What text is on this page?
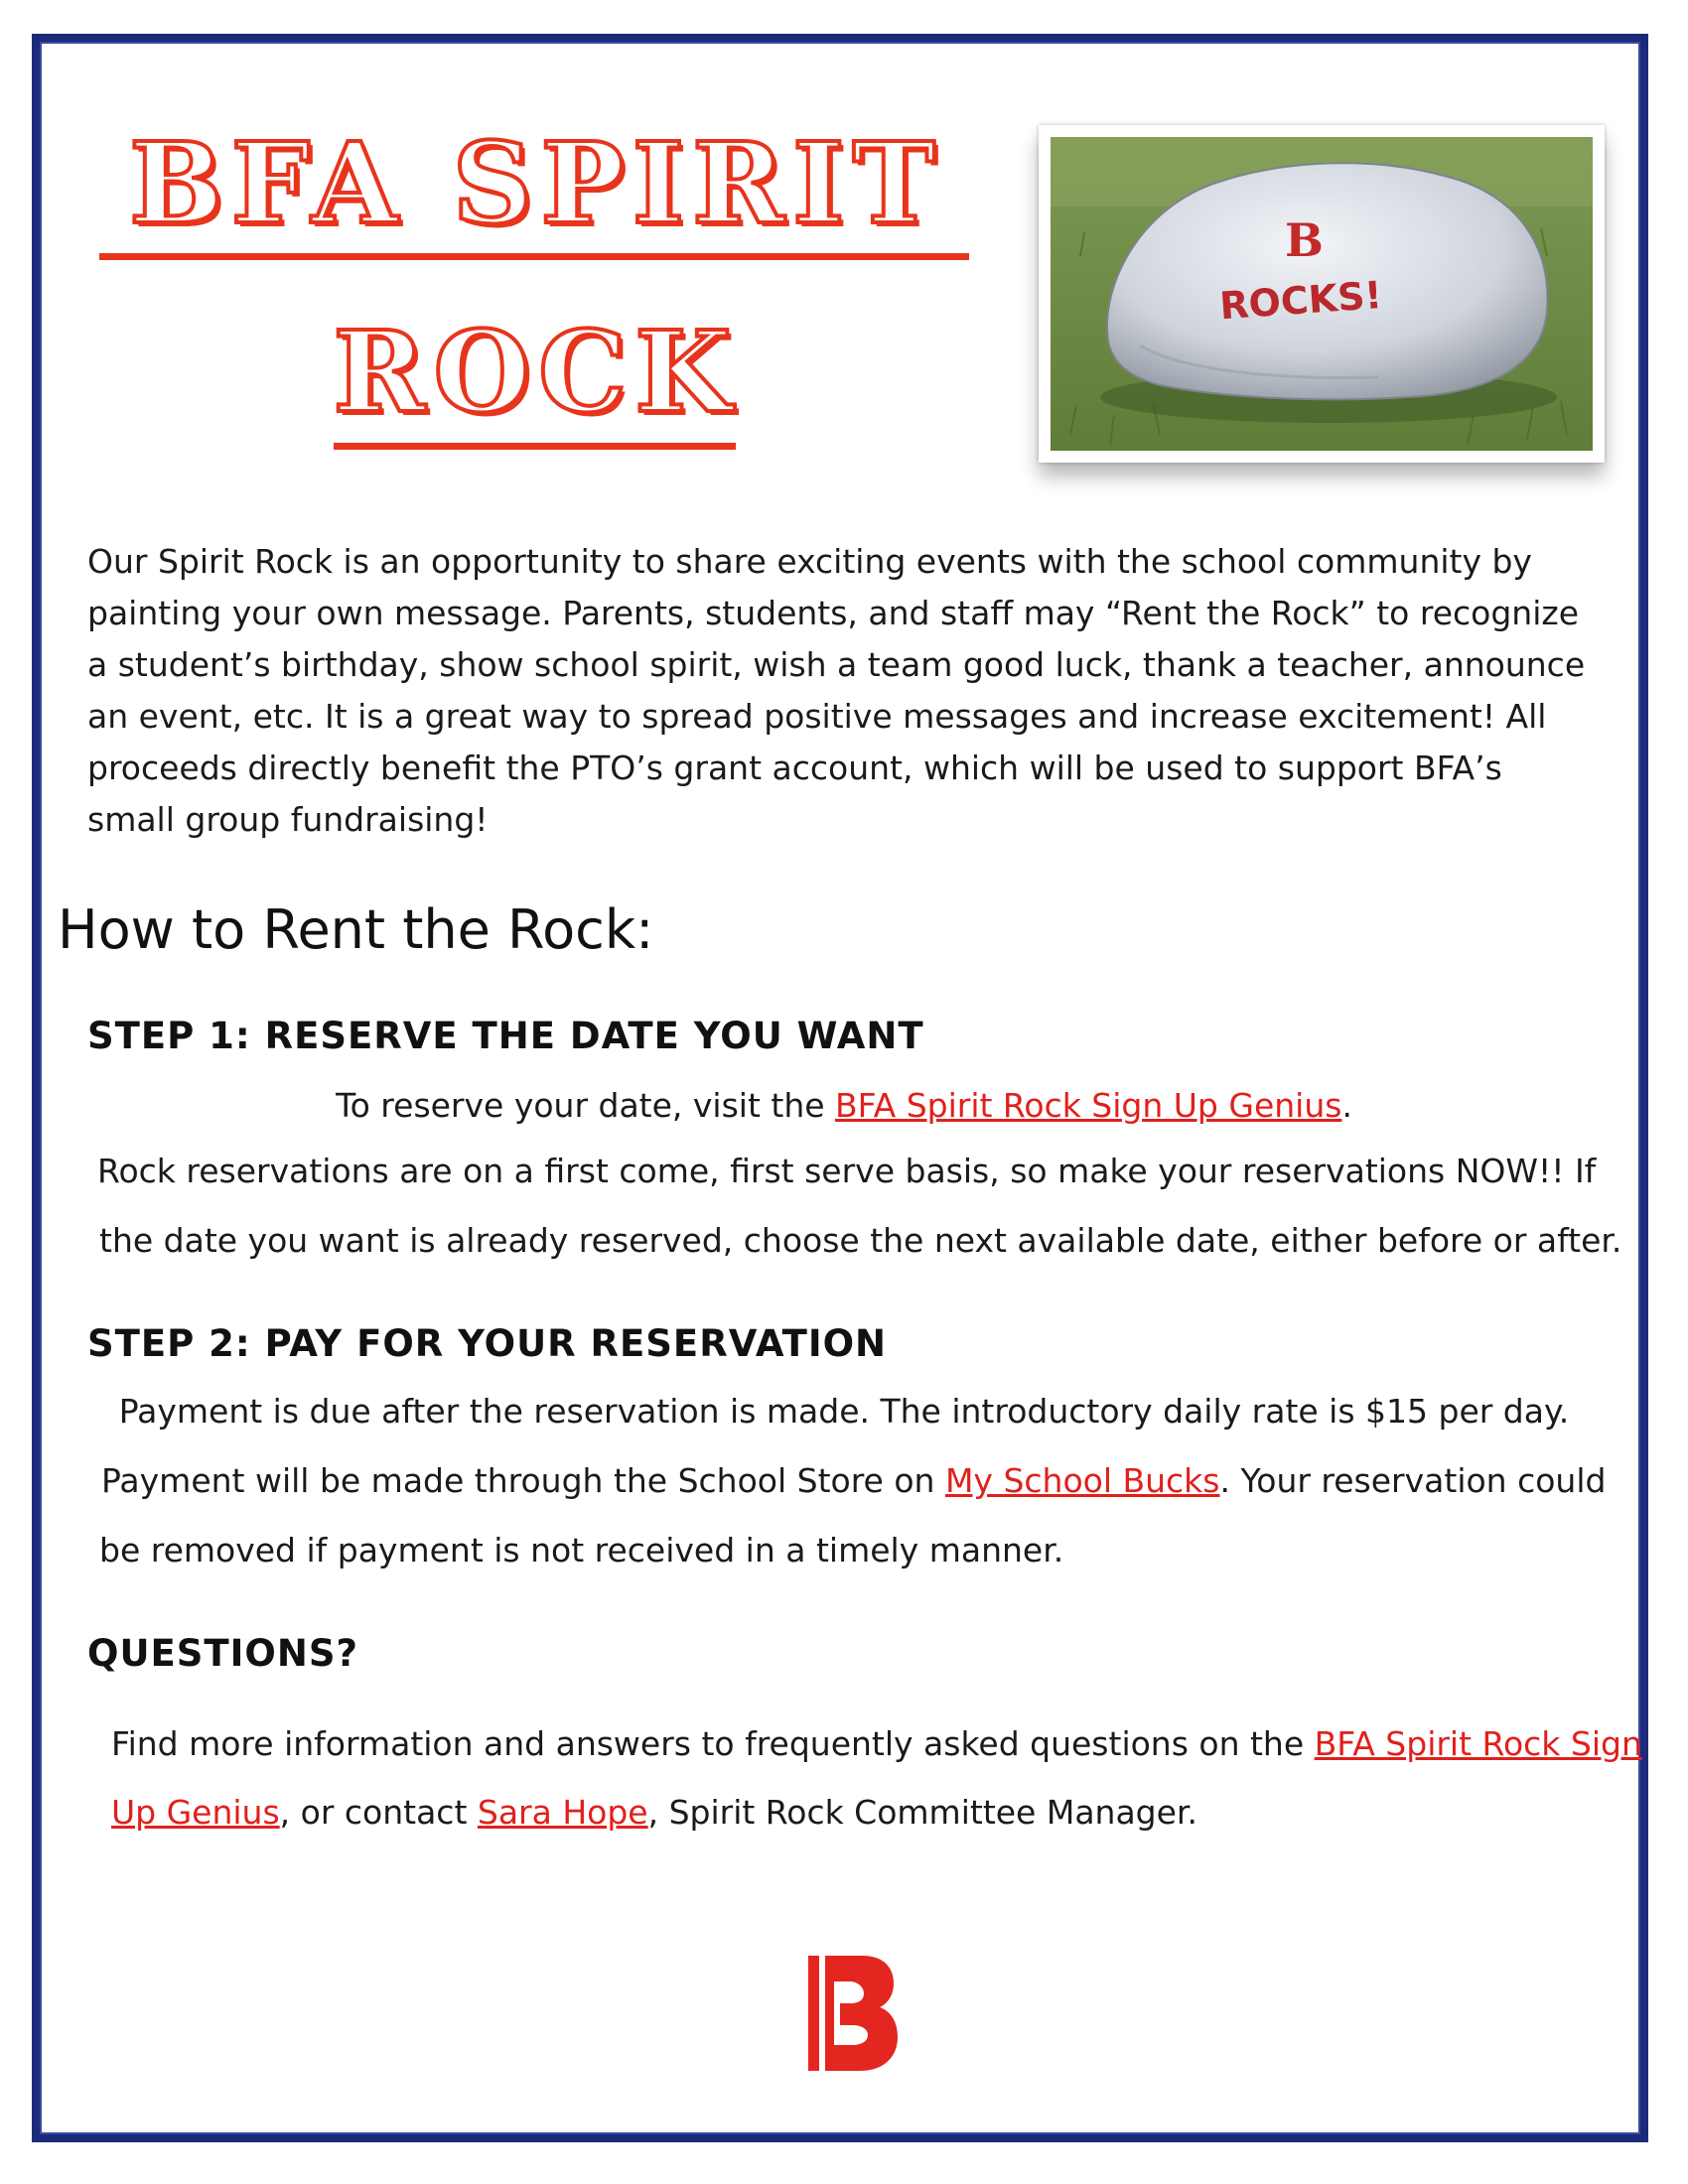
BFA SPIRIT
ROCK
B
ROCKS!
Our Spirit Rock is an opportunity to share exciting events with the school community by painting your own message. Parents, students, and staff may “Rent the Rock” to recognize a student’s birthday, show school spirit, wish a team good luck, thank a teacher, announce an event, etc. It is a great way to spread positive messages and increase excitement! All proceeds directly benefit the PTO’s grant account, which will be used to support BFA’s small group fundraising!
How to Rent the Rock:
STEP 1: RESERVE THE DATE YOU WANT
To reserve your date, visit the BFA Spirit Rock Sign Up Genius.
Rock reservations are on a first come, first serve basis, so make your reservations NOW!! If
the date you want is already reserved, choose the next available date, either before or after.
STEP 2: PAY FOR YOUR RESERVATION
Payment is due after the reservation is made. The introductory daily rate is $15 per day.
Payment will be made through the School Store on My School Bucks. Your reservation could
be removed if payment is not received in a timely manner.
QUESTIONS?
Find more information and answers to frequently asked questions on the BFA Spirit Rock Sign
Up Genius, or contact Sara Hope, Spirit Rock Committee Manager.
